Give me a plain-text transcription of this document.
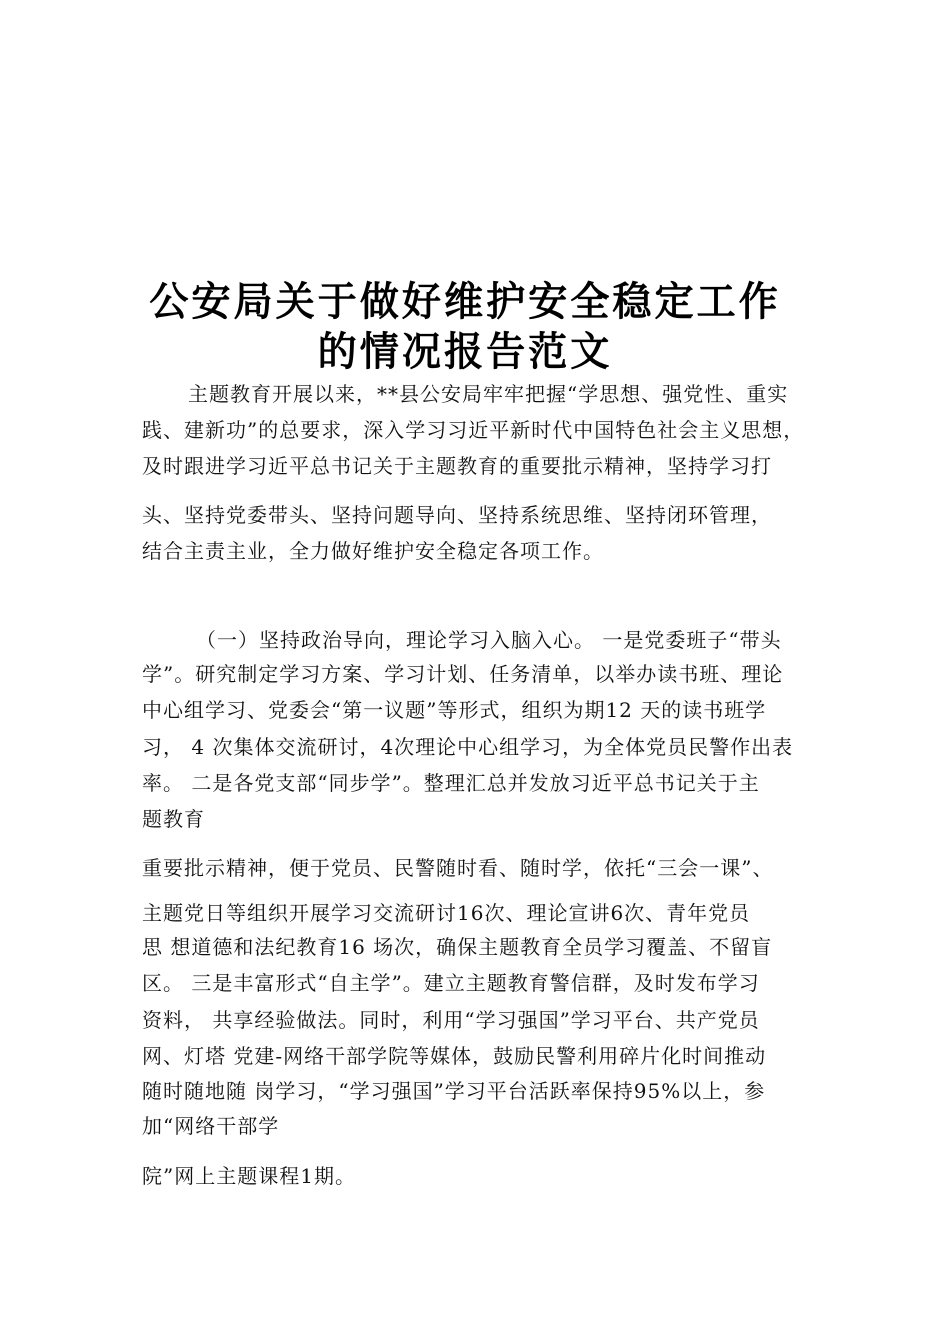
公安局关于做好维护安全稳定工作
的情况报告范文
主题教育开展以来，**县公安局牢牢把握“学思想、强党性、重实
践、建新功”的总要求，深入学习习近平新时代中国特色社会主义思想，
及时跟进学习近平总书记关于主题教育的重要批示精神，坚持学习打
头、坚持党委带头、坚持问题导向、坚持系统思维、坚持闭环管理，
结合主责主业，全力做好维护安全稳定各项工作。
（一）坚持政治导向，理论学习入脑入心。 一是党委班子“带头
学”。研究制定学习方案、学习计划、任务清单，以举办读书班、理论
中心组学习、党委会“第一议题”等形式，组织为期12 天的读书班学
习， 4 次集体交流研讨，4次理论中心组学习，为全体党员民警作出表
率。 二是各党支部“同步学”。整理汇总并发放习近平总书记关于主
题教育
重要批示精神，便于党员、民警随时看、随时学，依托“三会一课”、
主题党日等组织开展学习交流研讨16次、理论宣讲6次、青年党员
思 想道德和法纪教育16 场次，确保主题教育全员学习覆盖、不留盲
区。 三是丰富形式“自主学”。建立主题教育警信群，及时发布学习
资料， 共享经验做法。同时，利用“学习强国”学习平台、共产党员
网、灯塔 党建-网络干部学院等媒体，鼓励民警利用碎片化时间推动
随时随地随 岗学习，“学习强国”学习平台活跃率保持95%以上，参
加“网络干部学
院”网上主题课程1期。
